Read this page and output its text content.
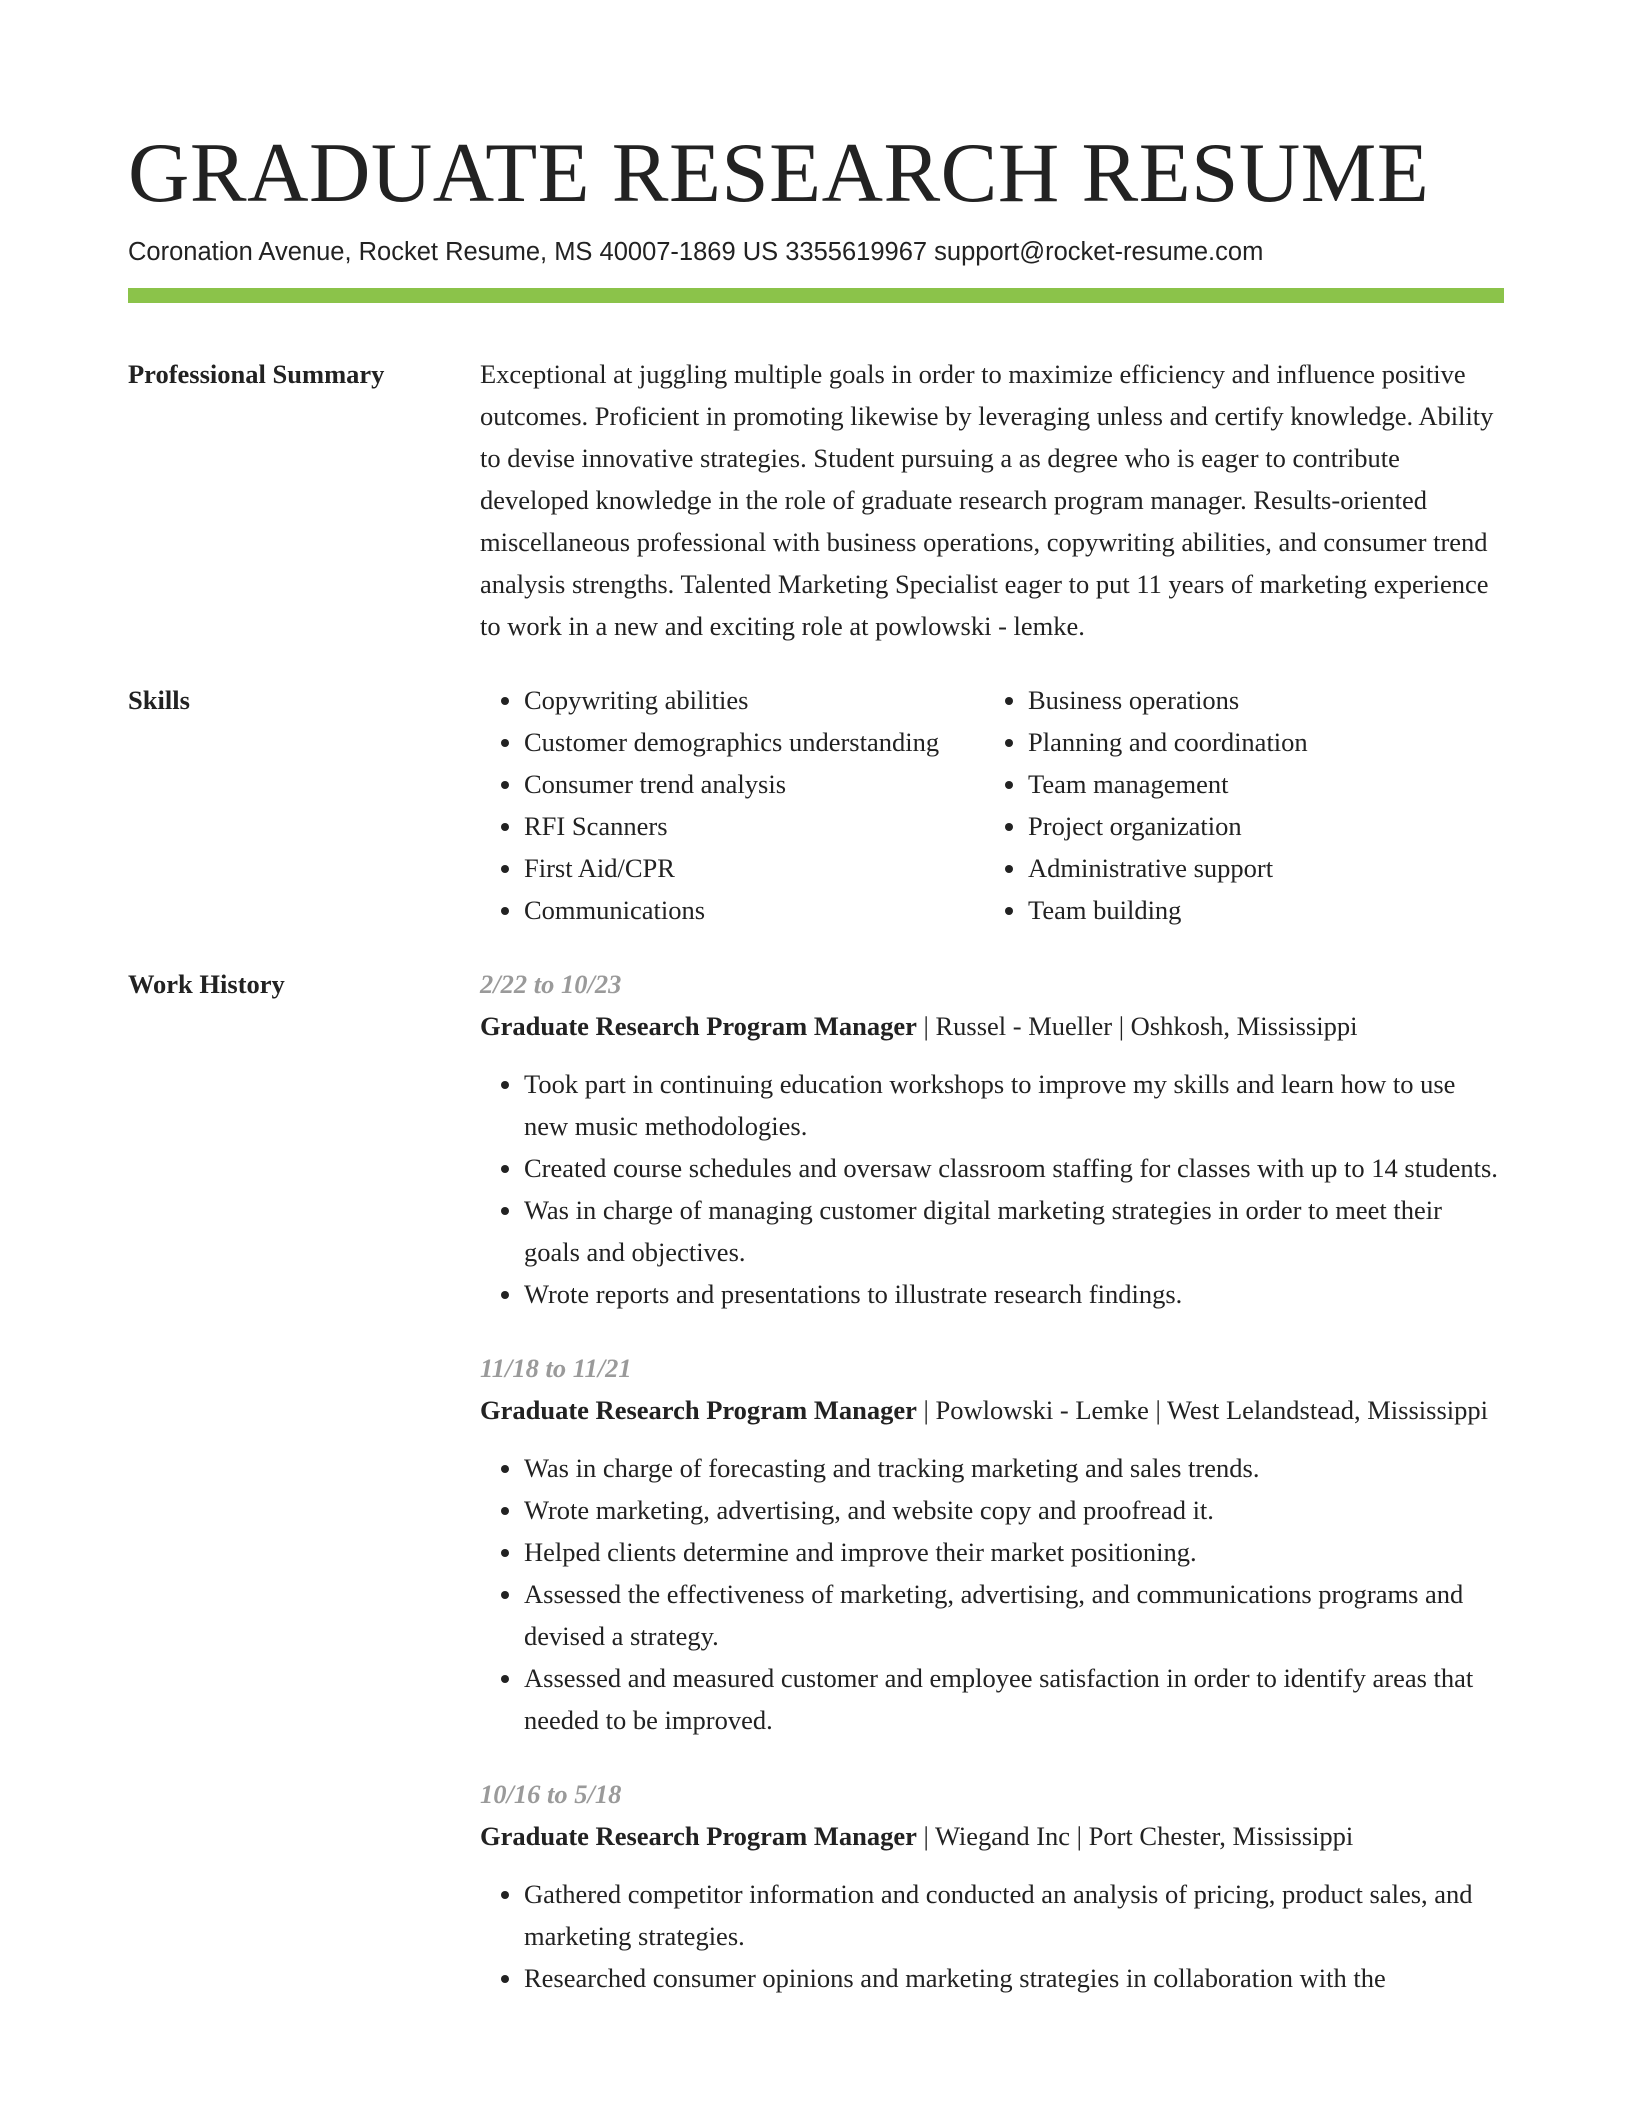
GRADUATE RESEARCH RESUME
Coronation Avenue, Rocket Resume, MS 40007-1869 US 3355619967 support@rocket-resume.com
Professional Summary	Exceptional at juggling multiple goals in order to maximize efficiency and influence positive outcomes. Proficient in promoting likewise by leveraging unless and certify knowledge. Ability to devise innovative strategies. Student pursuing a as degree who is eager to contribute developed knowledge in the role of graduate research program manager. Results-oriented miscellaneous professional with business operations, copywriting abilities, and consumer trend analysis strengths. Talented Marketing Specialist eager to put 11 years of marketing experience to work in a new and exciting role at powlowski - lemke.

Skills
•	Copywriting abilities
• Customer demographics understanding
• Consumer trend analysis
• RFI Scanners
• First Aid/CPR
• Communications
• Business operations
• Planning and coordination
• Team management
• Project organization
• Administrative support
• Team building
Work History	2/22 to 10/23
Graduate Research Program Manager | Russel - Mueller | Oshkosh, Mississippi
• Took part in continuing education workshops to improve my skills and learn how to use new music methodologies.
• Created course schedules and oversaw classroom staffing for classes with up to 14 students.
• Was in charge of managing customer digital marketing strategies in order to meet their goals and objectives.
• Wrote reports and presentations to illustrate research findings.
11/18 to 11/21
Graduate Research Program Manager | Powlowski - Lemke | West Lelandstead, Mississippi
• Was in charge of forecasting and tracking marketing and sales trends.
• Wrote marketing, advertising, and website copy and proofread it.
• Helped clients determine and improve their market positioning.
• Assessed the effectiveness of marketing, advertising, and communications programs and devised a strategy.
• Assessed and measured customer and employee satisfaction in order to identify areas that needed to be improved.
10/16 to 5/18
Graduate Research Program Manager | Wiegand Inc | Port Chester, Mississippi
• Gathered competitor information and conducted an analysis of pricing, product sales, and marketing strategies.
• Researched consumer opinions and marketing strategies in collaboration with the
